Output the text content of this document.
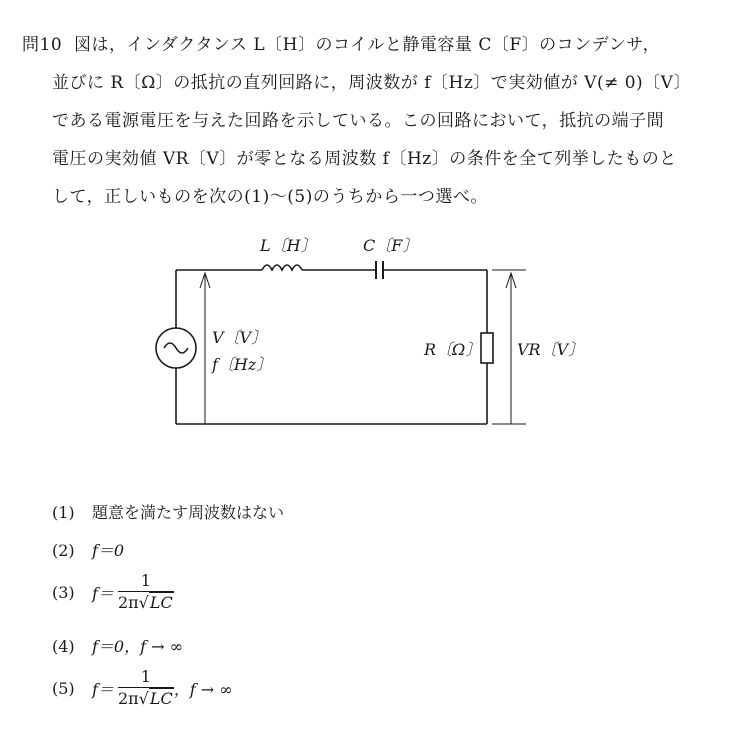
問10 図は，インダクタンス L〔H〕のコイルと静電容量 C〔F〕のコンデンサ，
並びに R〔Ω〕の抵抗の直列回路に，周波数が f〔Hz〕で実効値が V(≠ 0)〔V〕
である電源電圧を与えた回路を示している。この回路において，抵抗の端子間
電圧の実効値 VR〔V〕が零となる周波数 f〔Hz〕の条件を全て列挙したものと
して，正しいものを次の(1)～(5)のうちから一つ選べ。
L〔H〕	C〔F〕
V〔V〕
f〔Hz〕
R〔Ω〕 VR〔V〕
(1) 題意を満たす周波数はない
(2) f＝0
(3) $f= \frac{1}{2\pi√LC}$
(4) f＝0，f → ∞
(5) $f= \frac{1}{2\pi√LC}$ ，f → ∞
